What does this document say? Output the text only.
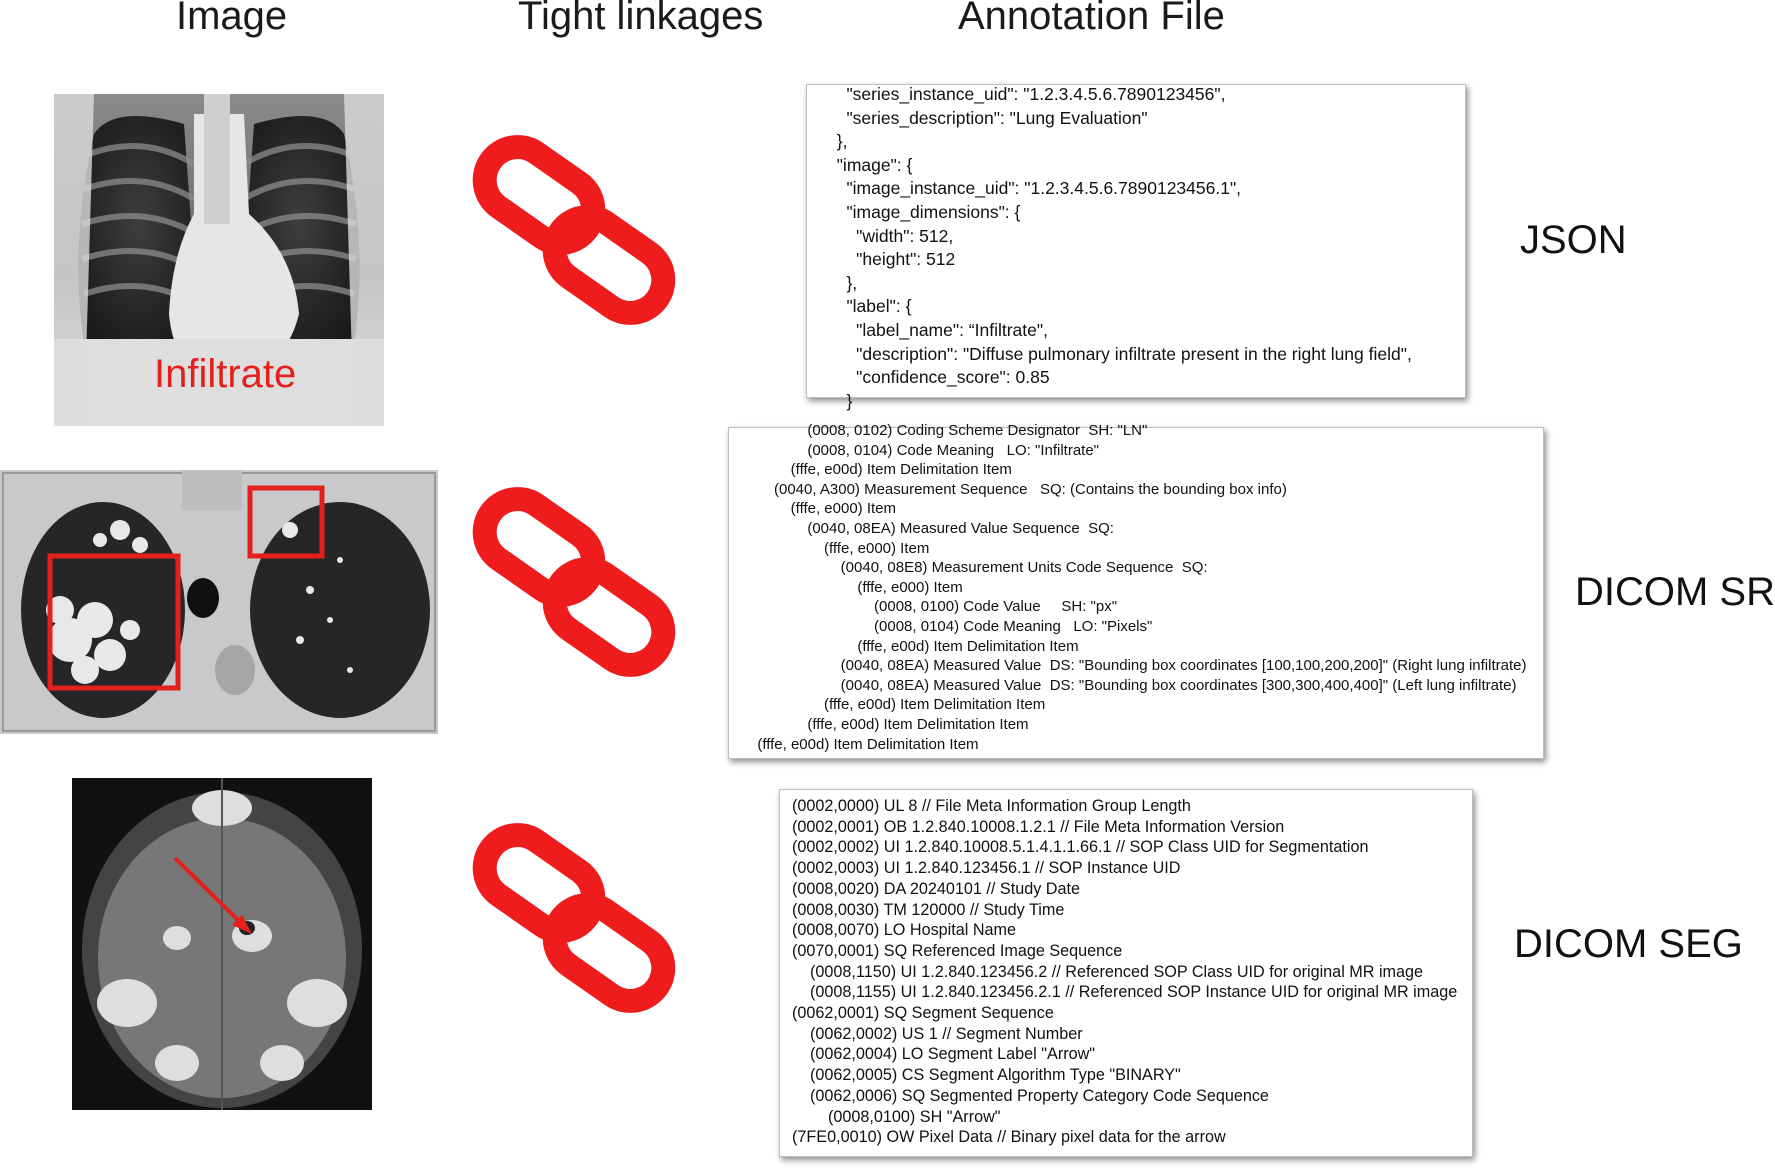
Image	Tight linkages	Annotation File
Infiltrate
"series_instance_uid": "1.2.3.4.5.6.7890123456",
"series_description": "Lung Evaluation"
},
"image": {
"image_instance_uid": "1.2.3.4.5.6.7890123456.1",
"image_dimensions": {
"width": 512,
"height": 512
},
"label": {
"label_name": “Infiltrate",
"description": "Diffuse pulmonary infiltrate present in the right lung field",
"confidence_score": 0.85
}
(0008, 0102) Coding Scheme Designator  SH: "LN"
(0008, 0104) Code Meaning   LO: "Infiltrate"
(fffe, e00d) Item Delimitation Item
(0040, A300) Measurement Sequence   SQ: (Contains the bounding box info)
(fffe, e000) Item
(0040, 08EA) Measured Value Sequence  SQ:
(fffe, e000) Item
(0040, 08E8) Measurement Units Code Sequence  SQ:
(fffe, e000) Item
(0008, 0100) Code Value     SH: "px"
(0008, 0104) Code Meaning   LO: "Pixels"
(fffe, e00d) Item Delimitation Item
(0040, 08EA) Measured Value  DS: "Bounding box coordinates [100,100,200,200]" (Right lung infiltrate)
(0040, 08EA) Measured Value  DS: "Bounding box coordinates [300,300,400,400]" (Left lung infiltrate)
(fffe, e00d) Item Delimitation Item
(fffe, e00d) Item Delimitation Item
(fffe, e00d) Item Delimitation Item
(0002,0000) UL 8 // File Meta Information Group Length
(0002,0001) OB 1.2.840.10008.1.2.1 // File Meta Information Version
(0002,0002) UI 1.2.840.10008.5.1.4.1.1.66.1 // SOP Class UID for Segmentation
(0002,0003) UI 1.2.840.123456.1 // SOP Instance UID
(0008,0020) DA 20240101 // Study Date
(0008,0030) TM 120000 // Study Time
(0008,0070) LO Hospital Name
(0070,0001) SQ Referenced Image Sequence
(0008,1150) UI 1.2.840.123456.2 // Referenced SOP Class UID for original MR image
(0008,1155) UI 1.2.840.123456.2.1 // Referenced SOP Instance UID for original MR image
(0062,0001) SQ Segment Sequence
(0062,0002) US 1 // Segment Number
(0062,0004) LO Segment Label "Arrow"
(0062,0005) CS Segment Algorithm Type "BINARY"
(0062,0006) SQ Segmented Property Category Code Sequence
(0008,0100) SH "Arrow"
(7FE0,0010) OW Pixel Data // Binary pixel data for the arrow
JSON
DICOM SR
DICOM SEG
